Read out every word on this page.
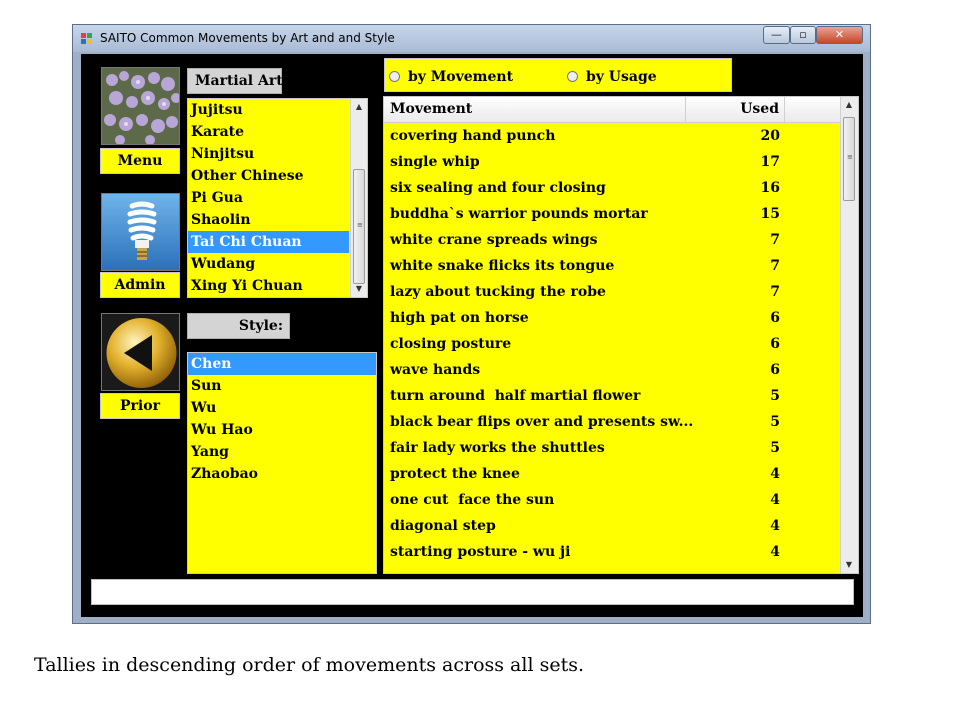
SAITO Common Movements by Art and and Style	—	▫	✕
Menu
Admin
Prior
Martial Art:
Jujitsu
Karate
Ninjitsu
Other Chinese
Pi Gua
Shaolin
Tai Chi Chuan
Wudang
Xing Yi Chuan
▲
≡
▼
Style:
Chen
Sun
Wu
Wu Hao
Yang
Zhaobao
by Movement	by Usage
Movement	Used
covering hand punch	20
single whip	17
six sealing and four closing	16
buddha`s warrior pounds mortar	15
white crane spreads wings	7
white snake flicks its tongue	7
lazy about tucking the robe	7
high pat on horse	6
closing posture	6
wave hands	6
turn around  half martial flower	5
black bear flips over and presents sw...	5
fair lady works the shuttles	5
protect the knee	4
one cut  face the sun	4
diagonal step	4
starting posture - wu ji	4
▲
≡
▼
Tallies in descending order of movements across all sets.
